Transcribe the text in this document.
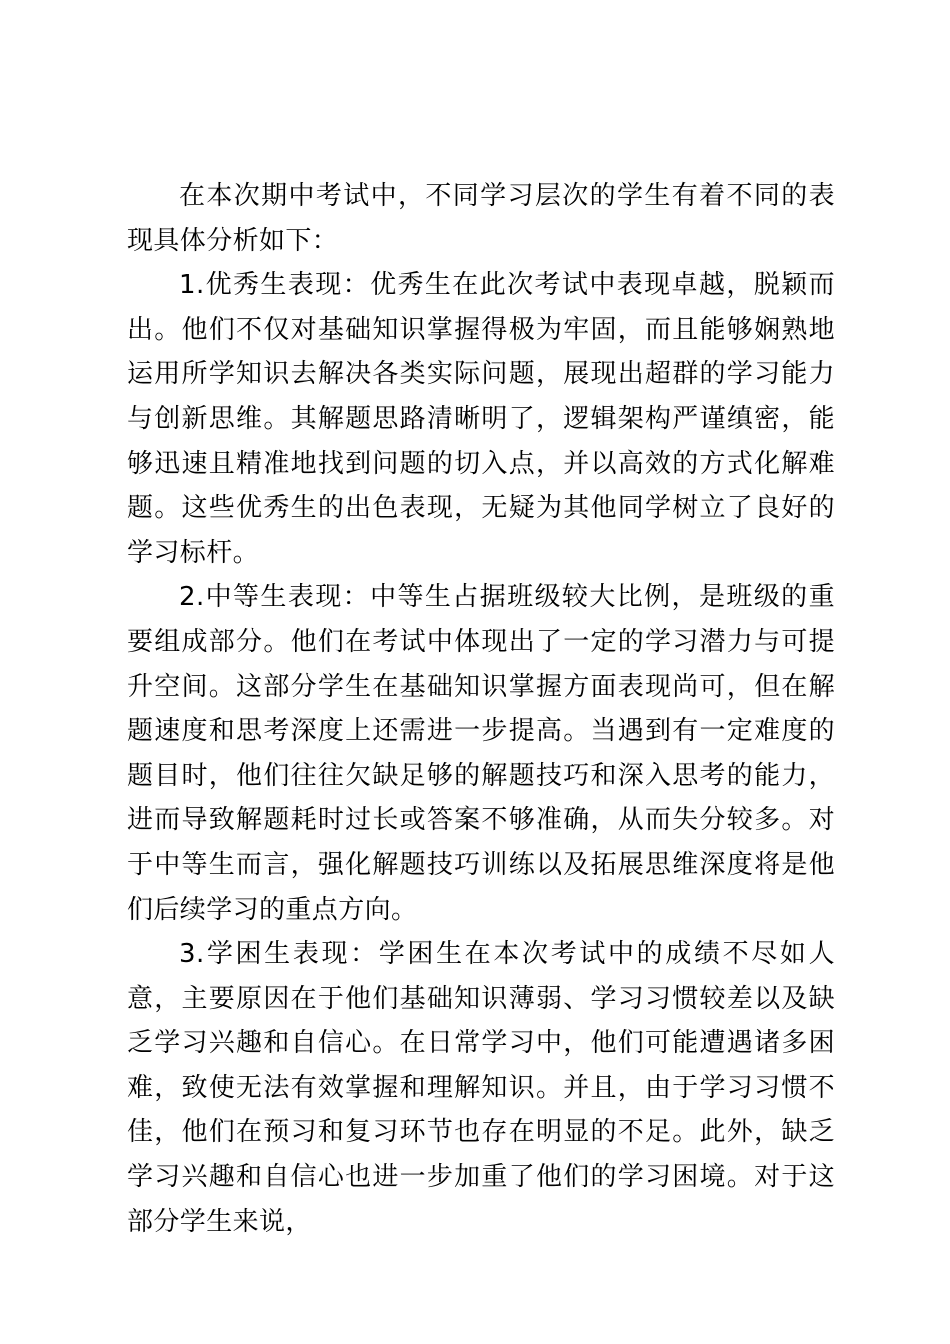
在本次期中考试中，不同学习层次的学生有着不同的表现具体分析如下：

1.优秀生表现：优秀生在此次考试中表现卓越，脱颖而出。他们不仅对基础知识掌握得极为牢固，而且能够娴熟地运用所学知识去解决各类实际问题，展现出超群的学习能力与创新思维。其解题思路清晰明了，逻辑架构严谨缜密，能够迅速且精准地找到问题的切入点，并以高效的方式化解难题。这些优秀生的出色表现，无疑为其他同学树立了良好的学习标杆。

2.中等生表现：中等生占据班级较大比例，是班级的重要组成部分。他们在考试中体现出了一定的学习潜力与可提升空间。这部分学生在基础知识掌握方面表现尚可，但在解题速度和思考深度上还需进一步提高。当遇到有一定难度的题目时，他们往往欠缺足够的解题技巧和深入思考的能力，进而导致解题耗时过长或答案不够准确，从而失分较多。对于中等生而言，强化解题技巧训练以及拓展思维深度将是他们后续学习的重点方向。

3.学困生表现：学困生在本次考试中的成绩不尽如人意，主要原因在于他们基础知识薄弱、学习习惯较差以及缺乏学习兴趣和自信心。在日常学习中，他们可能遭遇诸多困难，致使无法有效掌握和理解知识。并且，由于学习习惯不佳，他们在预习和复习环节也存在明显的不足。此外，缺乏学习兴趣和自信心也进一步加重了他们的学习困境。对于这部分学生来说，
